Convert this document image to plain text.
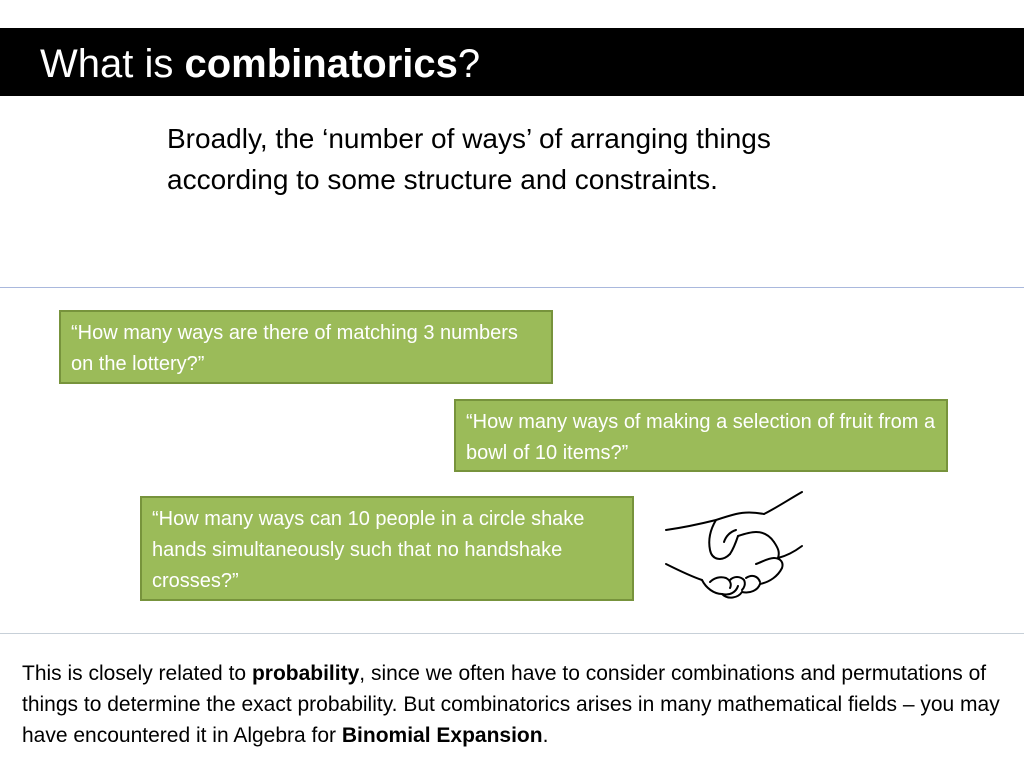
What is combinatorics?
Broadly, the ‘number of ways’ of arranging things according to some structure and constraints.
“How many ways are there of matching 3 numbers on the lottery?”
“How many ways of making a selection of fruit from a bowl of 10 items?”
“How many ways can 10 people in a circle shake hands simultaneously such that no handshake crosses?”
This is closely related to probability, since we often have to consider combinations and permutations of things to determine the exact probability. But combinatorics arises in many mathematical fields – you may have encountered it in Algebra for Binomial Expansion.
